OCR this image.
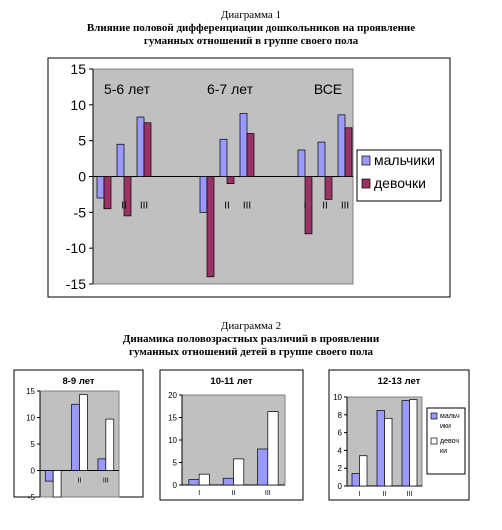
Диаграмма 1
Влияние половой дифференциации дошкольников на проявление
гуманных отношений в группе своего пола
Диаграмма 2
Динамика половозрастных различий в проявлении
гуманных отношений детей в группе своего пола
15
10
5
0
-5
-10
-15
5-6 лет
I II III
6-7 лет
I II III
ВСЕ
I II III
мальчики
девочки
8-9 лет
15
10
5
0
-5
I	II	III
10-11 лет
20
15
10
5
0
I	II	III
12-13 лет
10
8
6
4
2
0
I	II	III
мальч ики
девоч ки
